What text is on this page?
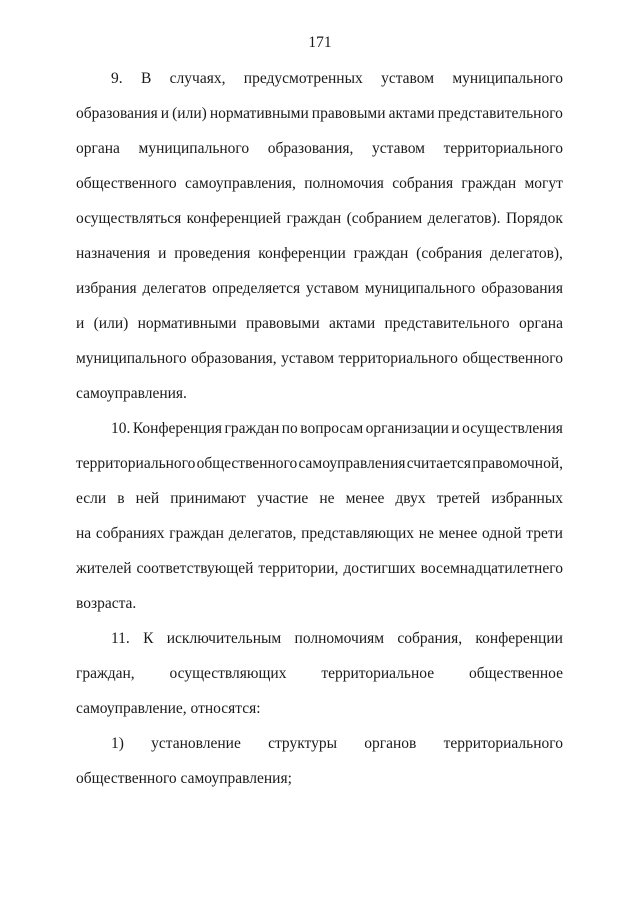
171
9. В случаях, предусмотренных уставом муниципального
образования и (или) нормативными правовыми актами представительного
органа муниципального образования, уставом территориального
общественного самоуправления, полномочия собрания граждан могут
осуществляться конференцией граждан (собранием делегатов). Порядок
назначения и проведения конференции граждан (собрания делегатов),
избрания делегатов определяется уставом муниципального образования
и (или) нормативными правовыми актами представительного органа
муниципального образования, уставом территориального общественного
самоуправления.
10. Конференция граждан по вопросам организации и осуществления
территориального общественного самоуправления считается правомочной,
если в ней принимают участие не менее двух третей избранных
на собраниях граждан делегатов, представляющих не менее одной трети
жителей соответствующей территории, достигших восемнадцатилетнего
возраста.
11. К исключительным полномочиям собрания, конференции
граждан, осуществляющих территориальное общественное
самоуправление, относятся:
1) установление структуры органов территориального
общественного самоуправления;
